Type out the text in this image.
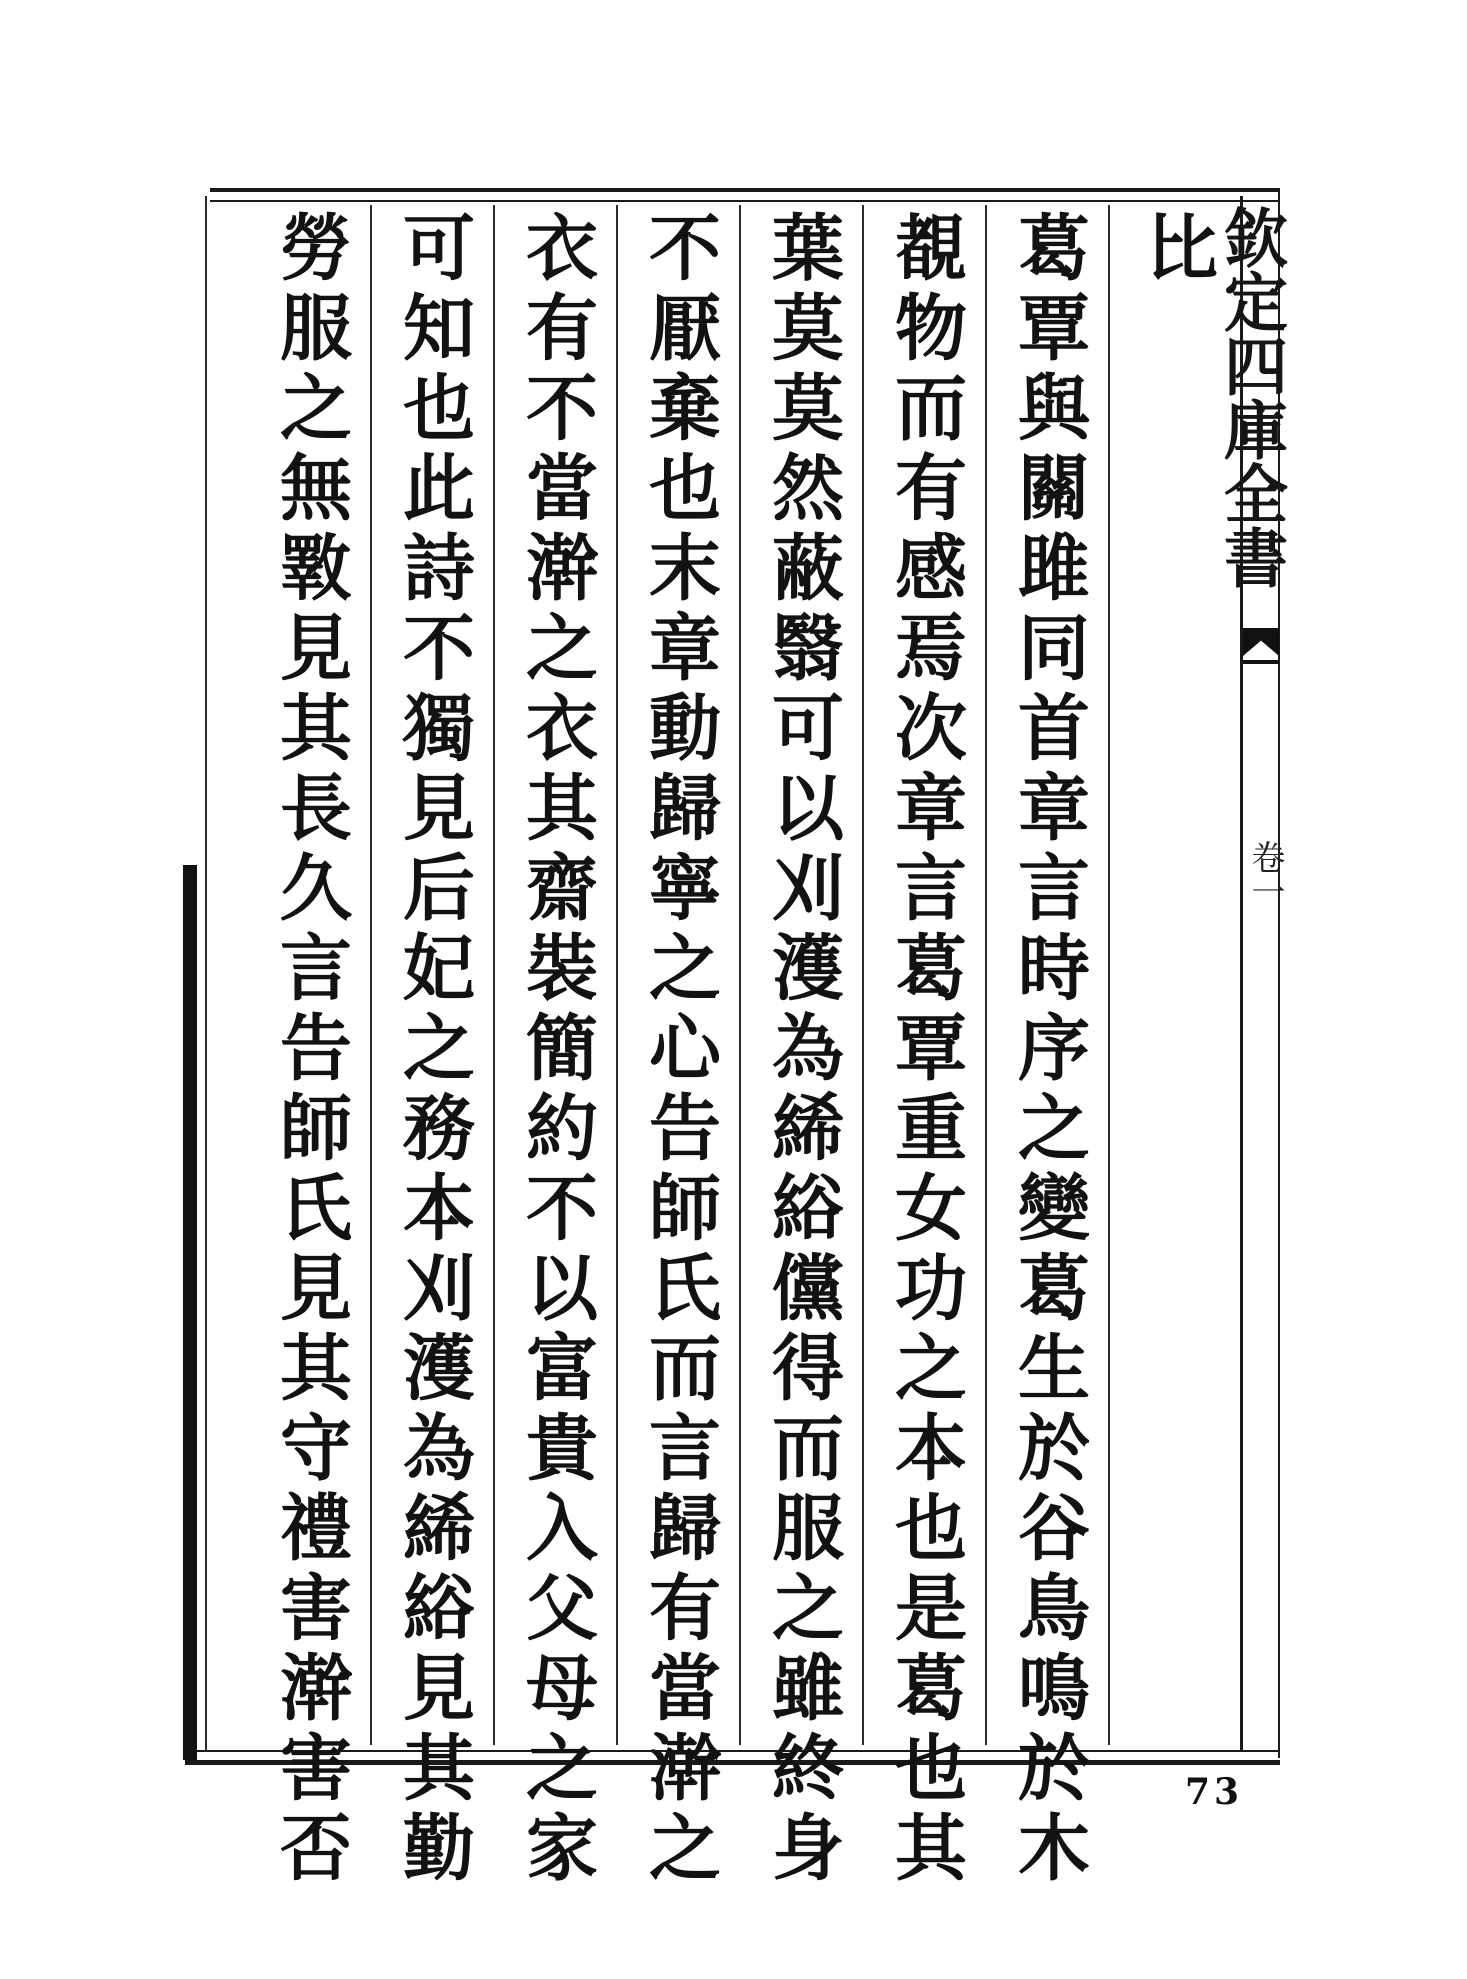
欽定四庫全書
卷一
比
葛覃與關雎同首章言時序之變葛生於谷鳥鳴於木
覩物而有感焉次章言葛覃重女功之本也是葛也其
葉莫莫然蔽翳可以刈濩為絺綌儻得而服之雖終身
不厭棄也末章動歸寧之心告師氏而言歸有當澣之
衣有不當澣之衣其齋裝簡約不以富貴入父母之家
可知也此詩不獨見后妃之務本刈濩為絺綌見其勤
勞服之無斁見其長久言告師氏見其守禮害澣害否	73
